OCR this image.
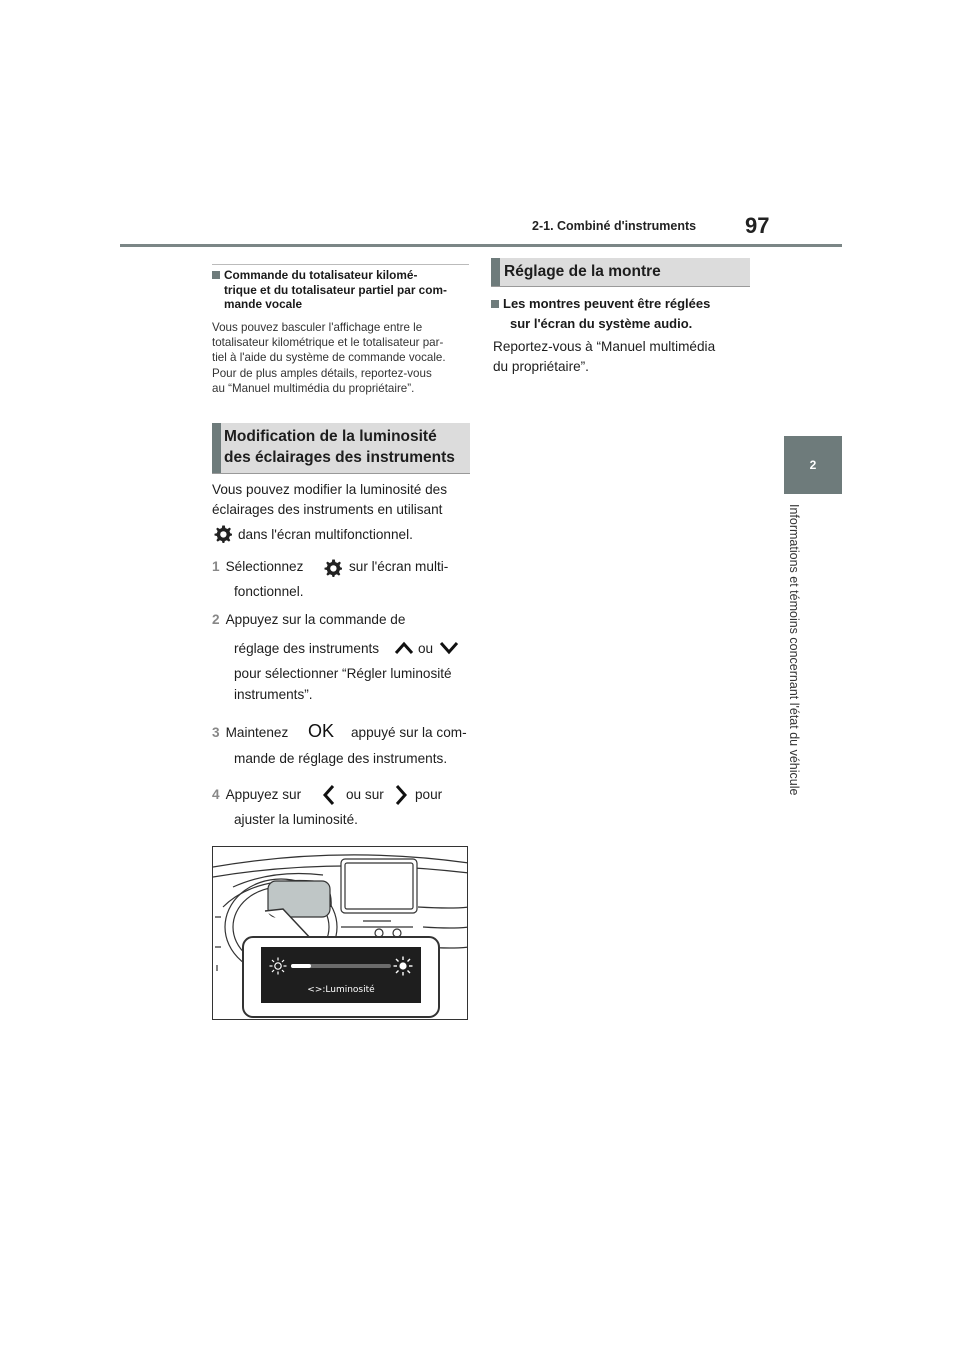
2-1. Combiné d'instruments 97
2
Informations et témoins concernant l'état du véhicule
Commande du totalisateur kilomé-
trique et du totalisateur partiel par com-
mande vocale
Vous pouvez basculer l'affichage entre le
totalisateur kilométrique et le totalisateur par-
tiel à l'aide du système de commande vocale.
Pour de plus amples détails, reportez-vous
au “Manuel multimédia du propriétaire”.
Modification de la luminosité
des éclairages des instruments
Vous pouvez modifier la luminosité des
éclairages des instruments en utilisant
dans l'écran multifonctionnel.
1 Sélectionnez	sur l'écran multi-
fonctionnel.
2 Appuyez sur la commande de
réglage des instruments	ou
pour sélectionner “Régler luminosité
instruments”.
3 Maintenez OK appuyé sur la com-
mande de réglage des instruments.
4 Appuyez sur	ou sur pour
ajuster la luminosité.
<>:Luminosité
Réglage de la montre
Les montres peuvent être réglées
sur l'écran du système audio.
Reportez-vous à “Manuel multimédia
du propriétaire”.
